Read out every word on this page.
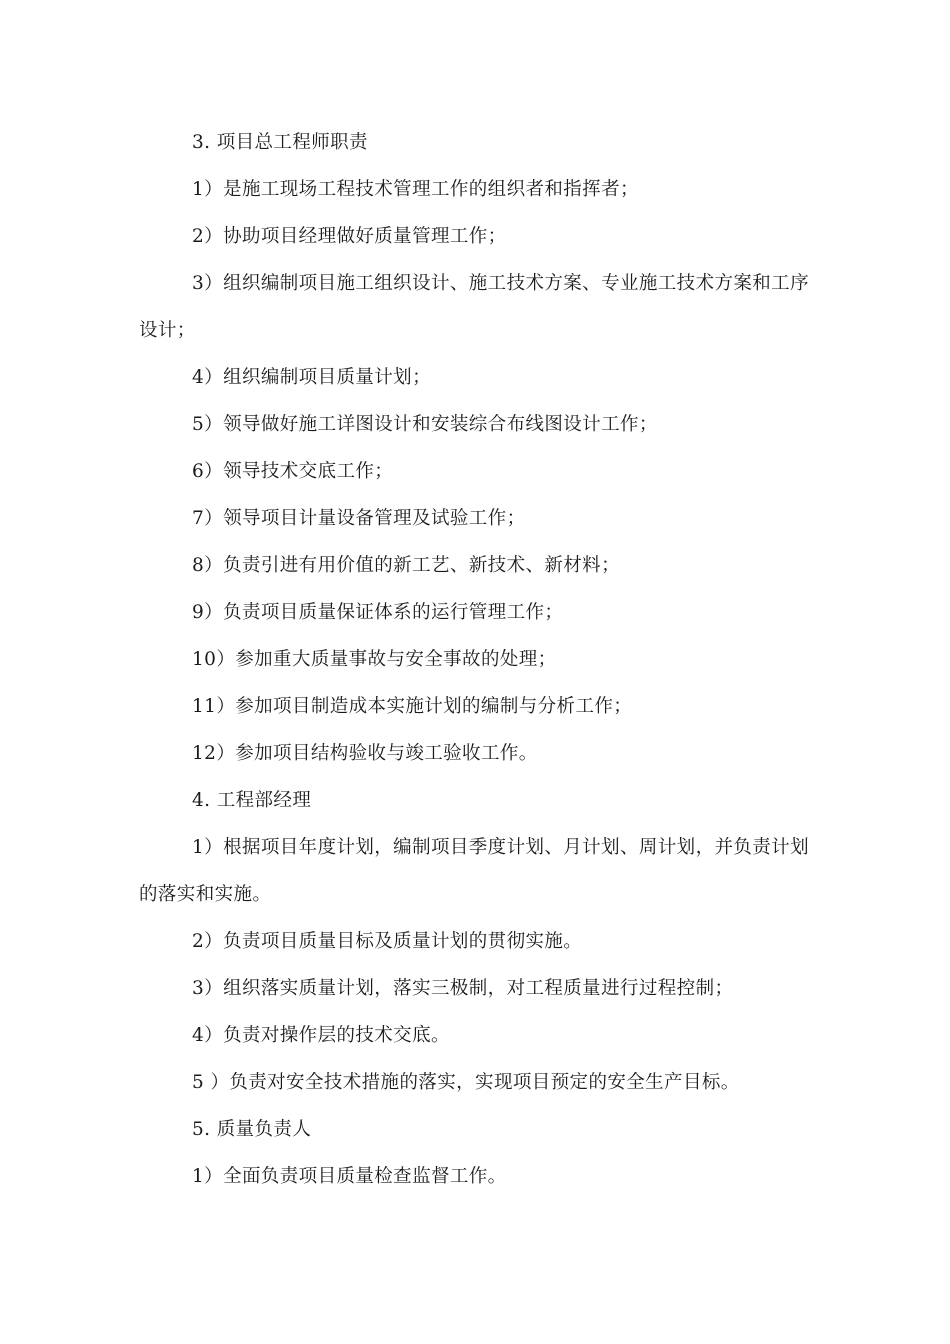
3. 项目总工程师职责

1）是施工现场工程技术管理工作的组织者和指挥者；

2）协助项目经理做好质量管理工作；

3）组织编制项目施工组织设计、施工技术方案、专业施工技术方案和工序

设计；

4）组织编制项目质量计划；

5）领导做好施工详图设计和安装综合布线图设计工作；

6）领导技术交底工作；

7）领导项目计量设备管理及试验工作；

8）负责引进有用价值的新工艺、新技术、新材料；

9）负责项目质量保证体系的运行管理工作；

10）参加重大质量事故与安全事故的处理；

11）参加项目制造成本实施计划的编制与分析工作；

12）参加项目结构验收与竣工验收工作。

4. 工程部经理

1）根据项目年度计划，编制项目季度计划、月计划、周计划，并负责计划

的落实和实施。

2）负责项目质量目标及质量计划的贯彻实施。

3）组织落实质量计划，落实三极制，对工程质量进行过程控制；

4）负责对操作层的技术交底。

5 ）负责对安全技术措施的落实，实现项目预定的安全生产目标。

5. 质量负责人

1）全面负责项目质量检查监督工作。
